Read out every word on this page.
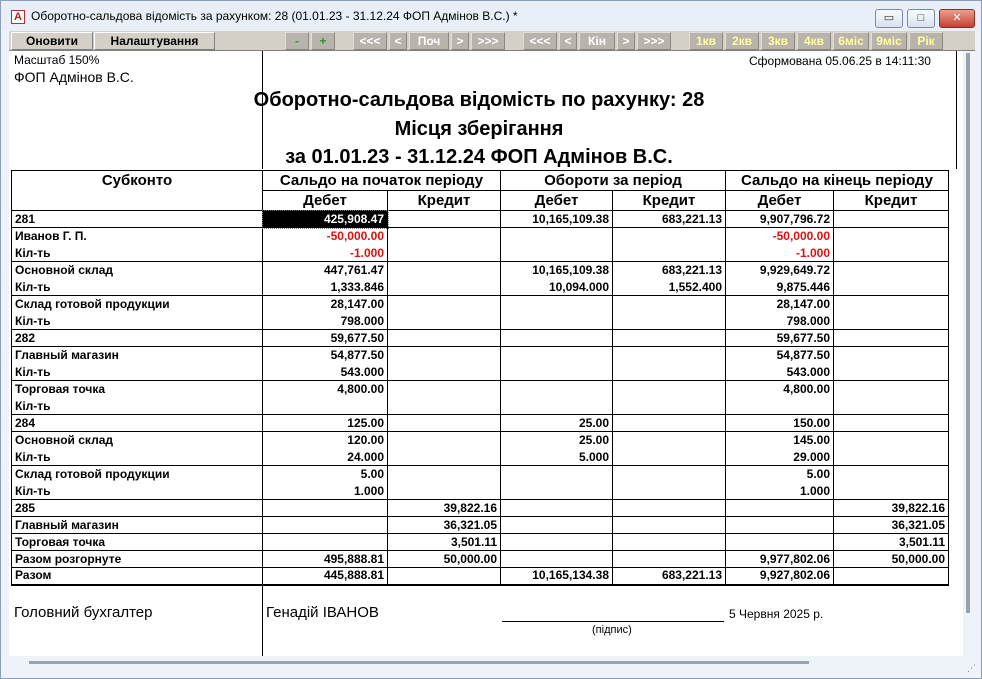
A Оборотно-сальдова відомість за рахунком: 28 (01.01.23 - 31.12.24 ФОП Адмінов В.С.) *	▭	□	✕
Оновити	Налаштування	-	+	<<<	<	Поч	>	>>>	<<<	<	Кін	>	>>>	1кв	2кв	3кв	4кв	6міс	9міс	Рік
Масштаб 150%
ФОП Адмінов В.С.
Сформована 05.06.25 в 14:11:30
Оборотно-сальдова відомість по рахунку: 28
Місця зберігання
за 01.01.23 - 31.12.24 ФОП Адмінов В.С.
Субконто	Сальдо на початок періоду		Обороти за період		Сальдо на кінець періоду	
	Дебет	Кредит	Дебет	Кредит	Дебет	Кредит
281	425,908.47		10,165,109.38	683,221.13	9,907,796.72	
Иванов Г. П.	-50,000.00				-50,000.00	
Кіл-ть	-1.000				-1.000	
Основной склад	447,761.47		10,165,109.38	683,221.13	9,929,649.72	
Кіл-ть	1,333.846		10,094.000	1,552.400	9,875.446	
Склад готовой продукции	28,147.00				28,147.00	
Кіл-ть	798.000				798.000	
282	59,677.50				59,677.50	
Главный магазин	54,877.50				54,877.50	
Кіл-ть	543.000				543.000	
Торговая точка	4,800.00				4,800.00	
Кіл-ть						
284	125.00		25.00		150.00	
Основной склад	120.00		25.00		145.00	
Кіл-ть	24.000		5.000		29.000	
Склад готовой продукции	5.00				5.00	
Кіл-ть	1.000				1.000	
285		39,822.16				39,822.16
Главный магазин		36,321.05				36,321.05
Торговая точка		3,501.11				3,501.11
Разом розгорнуте	495,888.81	50,000.00			9,977,802.06	50,000.00
Разом	445,888.81		10,165,134.38	683,221.13	9,927,802.06	
Головний бухгалтер	Генадій ІВАНОВ
(підпис)
5 Червня 2025 р.
⋰
